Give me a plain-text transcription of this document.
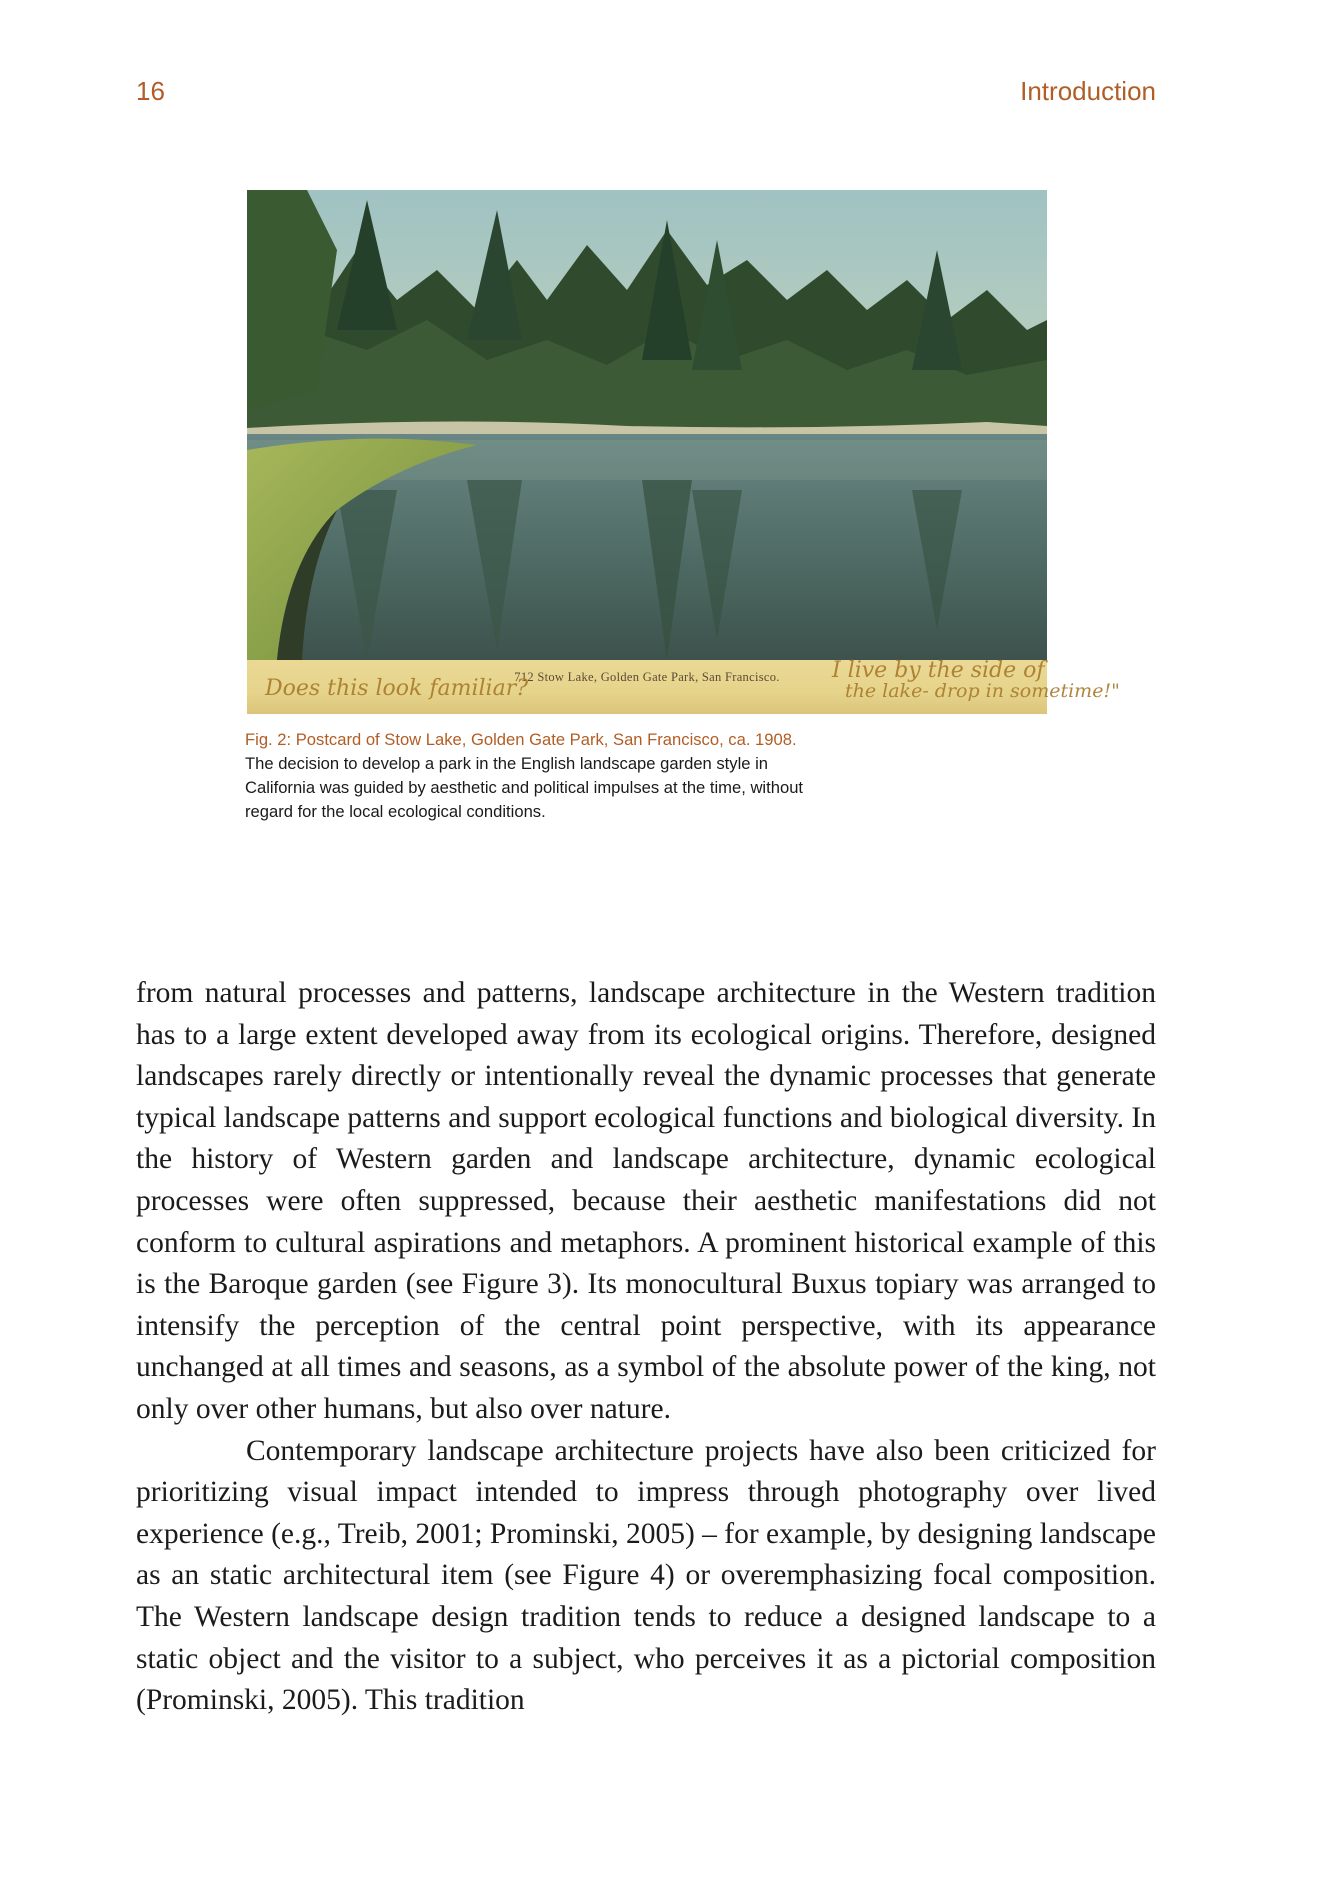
16	Introduction
712 Stow Lake, Golden Gate Park, San Francisco.
Does this look familiar?
I live by the side of
the lake- drop in sometime!"
Fig. 2: Postcard of Stow Lake, Golden Gate Park, San Francisco, ca. 1908. The decision to develop a park in the English landscape garden style in California was guided by aesthetic and political impulses at the time, without regard for the local ecological conditions.

from natural processes and patterns, landscape architecture in the Western tradition has to a large extent developed away from its ecological origins. Therefore, designed landscapes rarely directly or intentionally reveal the dynamic processes that generate typical landscape patterns and support ecological functions and biological diversity. In the history of Western garden and landscape architecture, dynamic ecological processes were often suppressed, because their aesthetic manifestations did not conform to cultural aspirations and metaphors. A prominent historical example of this is the Baroque garden (see Figure 3). Its monocultural Buxus topiary was arranged to intensify the perception of the central point perspective, with its appearance unchanged at all times and seasons, as a symbol of the absolute power of the king, not only over other humans, but also over nature.

Contemporary landscape architecture projects have also been criticized for prioritizing visual impact intended to impress through photography over lived experience (e.g., Treib, 2001; Prominski, 2005) – for example, by designing landscape as an static architectural item (see Figure 4) or overemphasizing focal composition. The Western landscape design tradition tends to reduce a designed landscape to a static object and the visitor to a subject, who perceives it as a pictorial composition (Prominski, 2005). This tradition
